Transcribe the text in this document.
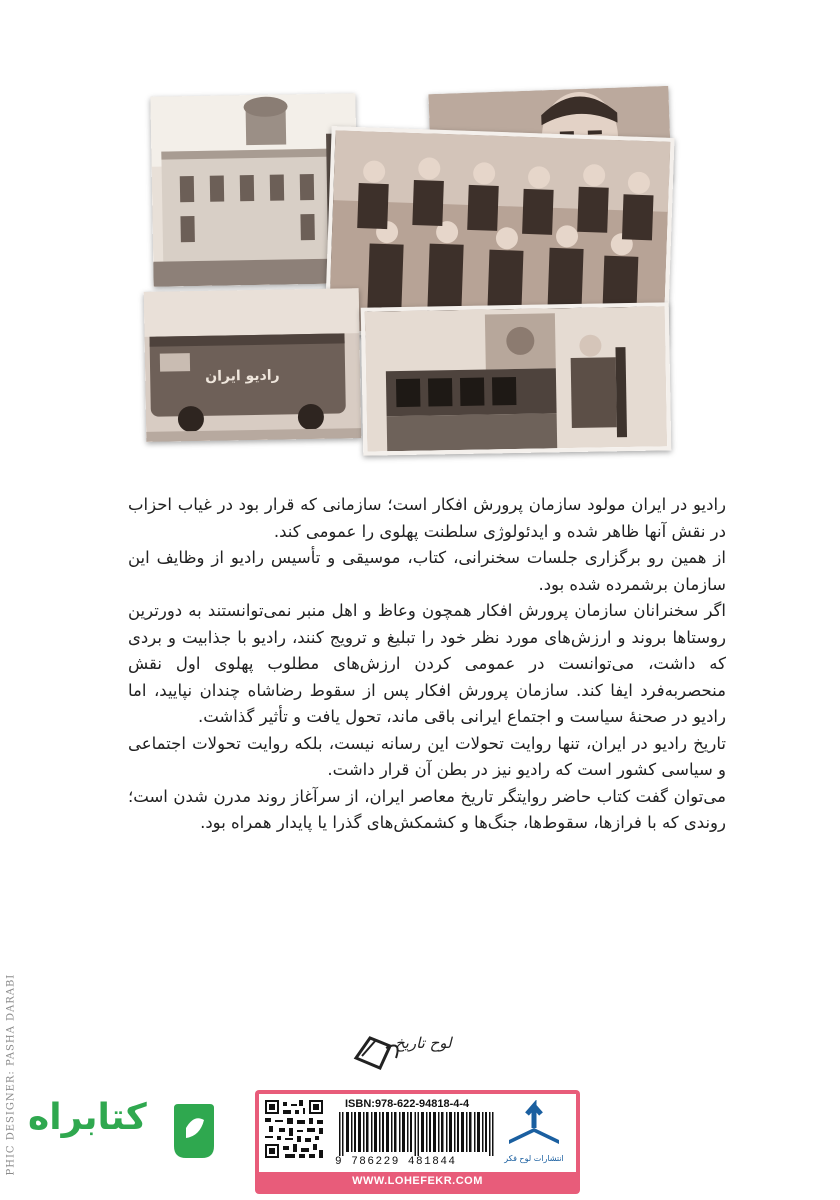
رادیو ایران

رادیو در ایران مولود سازمان پرورش افکار است؛ سازمانی که قرار بود در غیاب احزاب در نقش آنها ظاهر شده و ایدئولوژی سلطنت پهلوی را عمومی کند.

از همین رو برگزاری جلسات سخنرانی، کتاب، موسیقی و تأسیس رادیو از وظایف این سازمان برشمرده شده بود.

اگر سخنرانان سازمان پرورش افکار همچون وعاظ و اهل منبر نمی‌توانستند به دورترین روستاها بروند و ارزش‌های مورد نظر خود را تبلیغ و ترویج کنند، رادیو با جذابیت و بردی که داشت، می‌توانست در عمومی کردن ارزش‌های مطلوب پهلوی اول نقش منحصربه‌فرد ایفا کند. سازمان پرورش افکار پس از سقوط رضاشاه چندان نپایید، اما رادیو در صحنهٔ سیاست و اجتماع ایرانی باقی ماند، تحول یافت و تأثیر گذاشت.

تاریخ رادیو در ایران، تنها روایت تحولات این رسانه نیست، بلکه روایت تحولات اجتماعی و سیاسی کشور است که رادیو نیز در بطن آن قرار داشت.

می‌توان گفت کتاب حاضر روایتگر تاریخ معاصر ایران، از سرآغاز روند مدرن شدن است؛ روندی که با فرازها، سقوط‌ها، جنگ‌ها و کشمکش‌های گذرا یا پایدار همراه بود.

PHIC DESIGNER: PASHA DARABI	لوح تاریخ
کتابراه	ISBN:978-622-94818-4-4
9 786229 481844	انتشارات لوح فکر
WWW.LOHEFEKR.COM
